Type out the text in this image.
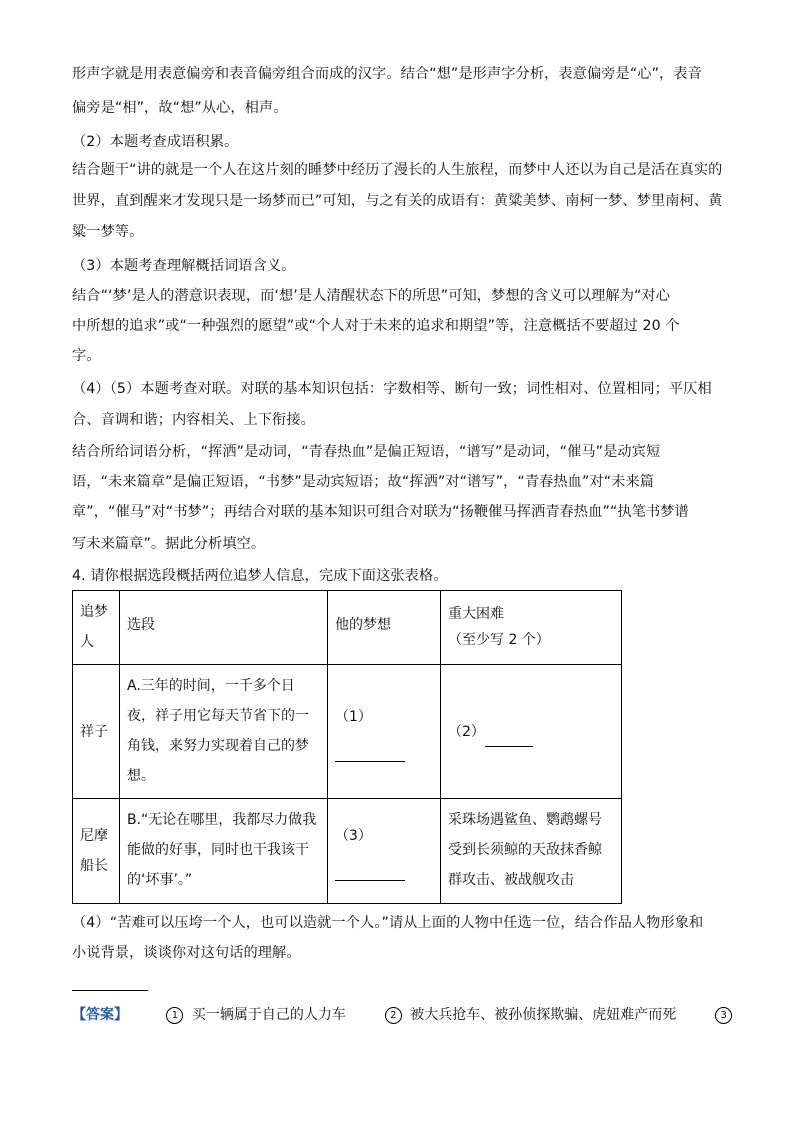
形声字就是用表意偏旁和表音偏旁组合而成的汉字。结合“想”是形声字分析，表意偏旁是“心”，表音
偏旁是“相”，故“想”从心，相声。
（2）本题考查成语积累。
结合题干“讲的就是一个人在这片刻的睡梦中经历了漫长的人生旅程，而梦中人还以为自己是活在真实的
世界，直到醒来才发现只是一场梦而已”可知，与之有关的成语有：黄粱美梦、南柯一梦、梦里南柯、黄
粱一梦等。
（3）本题考查理解概括词语含义。
结合“‘梦’是人的潜意识表现，而‘想’是人清醒状态下的所思”可知，梦想的含义可以理解为“对心
中所想的追求”或“一种强烈的愿望”或“个人对于未来的追求和期望”等，注意概括不要超过 20 个
字。
（4）（5）本题考查对联。对联的基本知识包括：字数相等、断句一致；词性相对、位置相同；平仄相
合、音调和谐；内容相关、上下衔接。
结合所给词语分析，“挥洒”是动词，“青春热血”是偏正短语，“谱写”是动词，“催马”是动宾短
语，“未来篇章”是偏正短语，“书梦”是动宾短语；故“挥洒”对“谱写”，“青春热血”对“未来篇
章”，“催马”对“书梦”；再结合对联的基本知识可组合对联为“扬鞭催马挥洒青春热血”“执笔书梦谱
写未来篇章”。据此分析填空。
4. 请你根据选段概括两位追梦人信息，完成下面这张表格。
追梦人	选段	他的梦想	重大困难
（至少写 2 个）

祥子	A.三年的时间，一千多个日夜，祥子用它每天节省下的一角钱，来努力实现着自己的梦想。	（1）	（2）
尼摩船长	B.“无论在哪里，我都尽力做我能做的好事，同时也干我该干的‘坏事’。”	（3）	采珠场遇鲨鱼、鹦鹉螺号受到长须鲸的天敌抹香鲸群攻击、被战舰攻击
（4）“苦难可以压垮一个人，也可以造就一个人。”请从上面的人物中任选一位，结合作品人物形象和
小说背景，谈谈你对这句话的理解。
【答案】	1 买一辆属于自己的人力车	2 被大兵抢车、被孙侦探欺骗、虎妞难产而死	3
